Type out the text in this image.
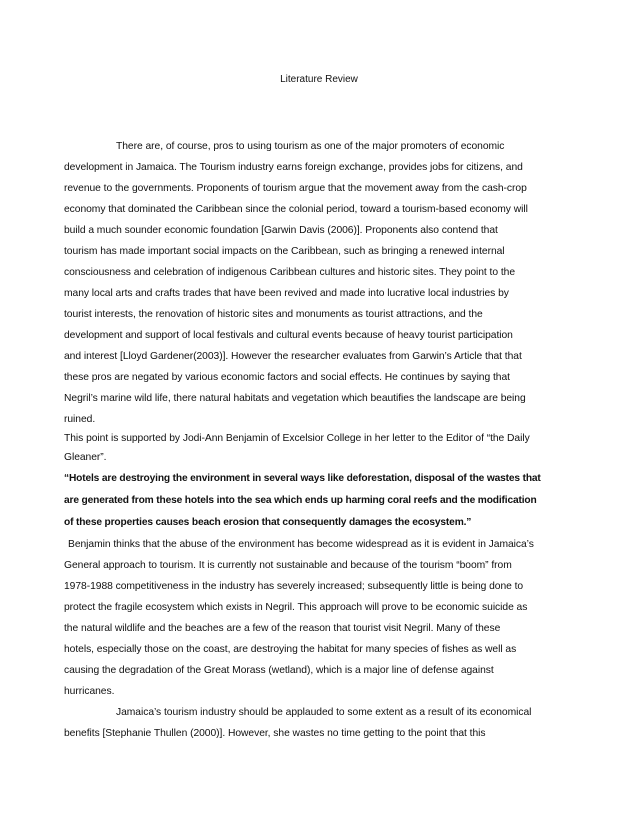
Literature Review
There are, of course, pros to using tourism as one of the major promoters of economic
development in Jamaica. The Tourism industry earns foreign exchange, provides jobs for citizens, and
revenue to the governments. Proponents of tourism argue that the movement away from the cash-crop
economy that dominated the Caribbean since the colonial period, toward a tourism-based economy will
build a much sounder economic foundation [Garwin Davis (2006)]. Proponents also contend that
tourism has made important social impacts on the Caribbean, such as bringing a renewed internal
consciousness and celebration of indigenous Caribbean cultures and historic sites. They point to the
many local arts and crafts trades that have been revived and made into lucrative local industries by
tourist interests, the renovation of historic sites and monuments as tourist attractions, and the
development and support of local festivals and cultural events because of heavy tourist participation
and interest [Lloyd Gardener(2003)]. However the researcher evaluates from Garwin’s Article that that
these pros are negated by various economic factors and social effects. He continues by saying that
Negril’s marine wild life, there natural habitats and vegetation which beautifies the landscape are being
ruined.
This point is supported by Jodi-Ann Benjamin of Excelsior College in her letter to the Editor of “the Daily
Gleaner”.
“Hotels are destroying the environment in several ways like deforestation, disposal of the wastes that
are generated from these hotels into the sea which ends up harming coral reefs and the modification
of these properties causes beach erosion that consequently damages the ecosystem.”
Benjamin thinks that the abuse of the environment has become widespread as it is evident in Jamaica’s
General approach to tourism. It is currently not sustainable and because of the tourism “boom” from
1978-1988 competitiveness in the industry has severely increased; subsequently little is being done to
protect the fragile ecosystem which exists in Negril. This approach will prove to be economic suicide as
the natural wildlife and the beaches are a few of the reason that tourist visit Negril. Many of these
hotels, especially those on the coast, are destroying the habitat for many species of fishes as well as
causing the degradation of the Great Morass (wetland), which is a major line of defense against
hurricanes.
Jamaica’s tourism industry should be applauded to some extent as a result of its economical
benefits [Stephanie Thullen (2000)]. However, she wastes no time getting to the point that this
